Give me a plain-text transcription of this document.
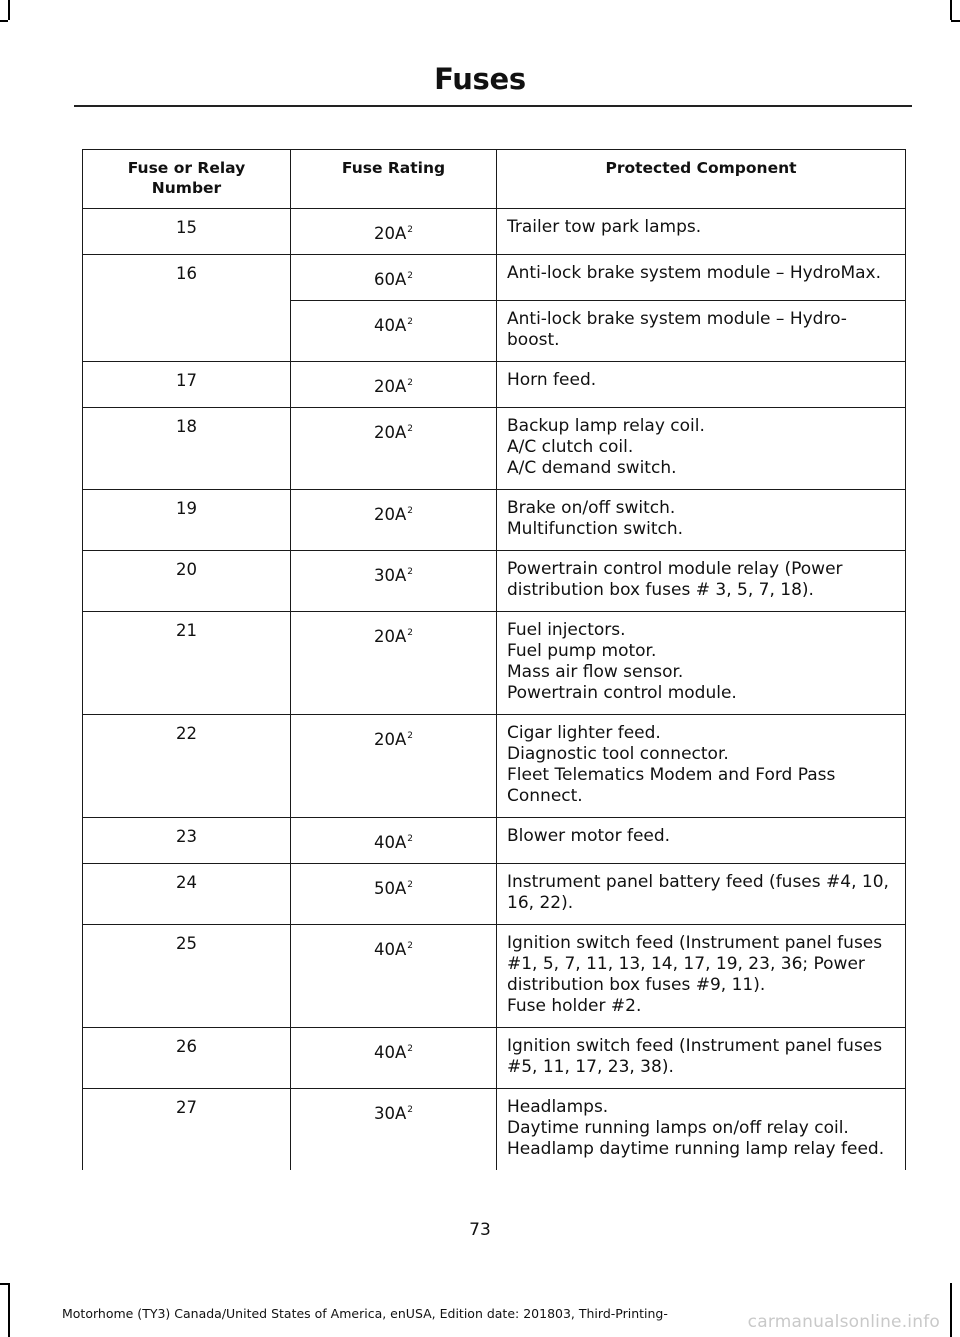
Fuses
Fuse or Relay Number	Fuse Rating	Protected Component
15	$20A^2$	Trailer tow park lamps.

16	$60A^2$	Anti-lock brake system module – HydroMax.

	$40A^2$	Anti-lock brake system module – Hydro-boost.

17	$20A^2$	Horn feed.

18	$20A^2$	Backup lamp relay coil.
A/C clutch coil.
A/C demand switch.

19	$20A^2$	Brake on/off switch.
Multifunction switch.

20	$30A^2$	Powertrain control module relay (Power distribution box fuses # 3, 5, 7, 18).

21	$20A^2$	Fuel injectors.
Fuel pump motor.
Mass air flow sensor.
Powertrain control module.

22	$20A^2$	Cigar lighter feed.
Diagnostic tool connector.
Fleet Telematics Modem and Ford Pass Connect.

23	$40A^2$	Blower motor feed.

24	$50A^2$	Instrument panel battery feed (fuses #4, 10, 16, 22).

25	$40A^2$	Ignition switch feed (Instrument panel fuses #1, 5, 7, 11, 13, 14, 17, 19, 23, 36; Power distribution box fuses #9, 11).
Fuse holder #2.

26	$40A^2$	Ignition switch feed (Instrument panel fuses #5, 11, 17, 23, 38).

27	$30A^2$	Headlamps.
Daytime running lamps on/off relay coil.
Headlamp daytime running lamp relay feed.
73
Motorhome (TY3) Canada/United States of America, enUSA, Edition date: 201803, Third-Printing-	carmanualsonline.info
